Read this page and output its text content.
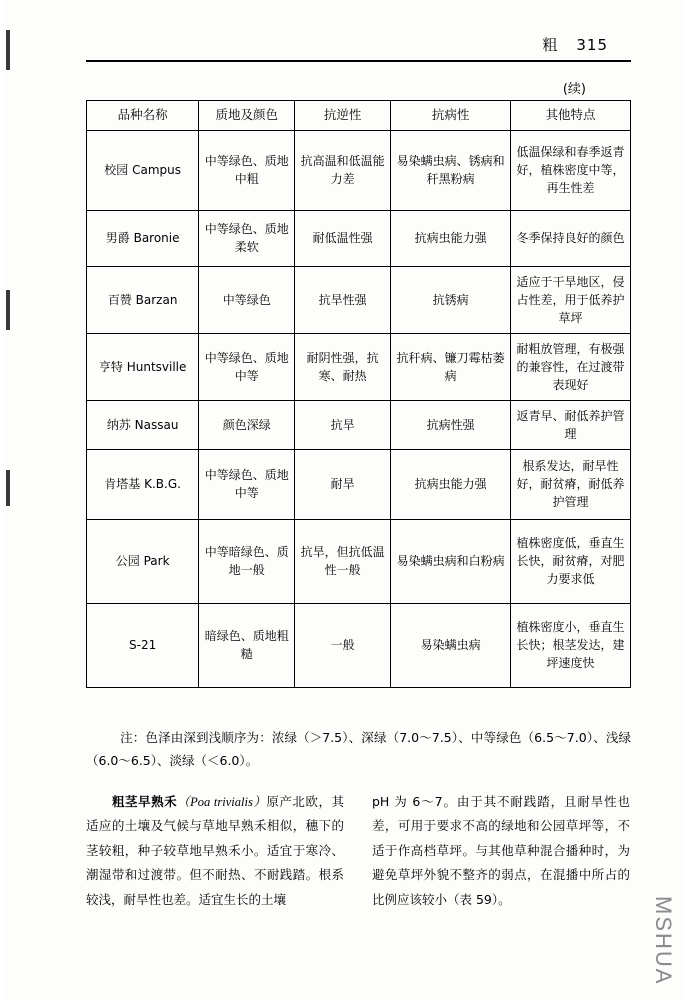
粗 315
(续)
品种名称	质地及颜色	抗逆性	抗病性	其他特点
校园 Campus	中等绿色、质地中粗	抗高温和低温能力差	易染螨虫病、锈病和秆黑粉病	低温保绿和春季返青好，植株密度中等，再生性差
男爵 Baronie	中等绿色、质地柔软	耐低温性强	抗病虫能力强	冬季保持良好的颜色
百赞 Barzan	中等绿色	抗旱性强	抗锈病	适应于干旱地区，侵占性差，用于低养护草坪
亨特 Huntsville	中等绿色、质地中等	耐阴性强，抗寒、耐热	抗秆病、镰刀霉枯萎病	耐粗放管理，有极强的兼容性，在过渡带表现好
纳苏 Nassau	颜色深绿	抗旱	抗病性强	返青早、耐低养护管理
肯塔基 K.B.G.	中等绿色、质地中等	耐旱	抗病虫能力强	根系发达，耐旱性好，耐贫瘠，耐低养护管理
公园 Park	中等暗绿色、质地一般	抗旱，但抗低温性一般	易染螨虫病和白粉病	植株密度低，垂直生长快，耐贫瘠，对肥力要求低
S-21	暗绿色、质地粗糙	一般	易染螨虫病	植株密度小，垂直生长快；根茎发达，建坪速度快
注：色泽由深到浅顺序为：浓绿（＞7.5）、深绿（7.0～7.5）、中等绿色（6.5～7.0）、浅绿（6.0～6.5）、淡绿（＜6.0）。

粗茎早熟禾（Poa trivialis）原产北欧，其适应的土壤及气候与草地早熟禾相似，穗下的茎较粗，种子较草地早熟禾小。适宜于寒冷、潮湿带和过渡带。但不耐热、不耐践踏。根系较浅，耐旱性也差。适宜生长的土壤

pH 为 6～7。由于其不耐践踏，且耐旱性也差，可用于要求不高的绿地和公园草坪等，不适于作高档草坪。与其他草种混合播种时，为避免草坪外貌不整齐的弱点，在混播中所占的比例应该较小（表 59）。	MSHUA
